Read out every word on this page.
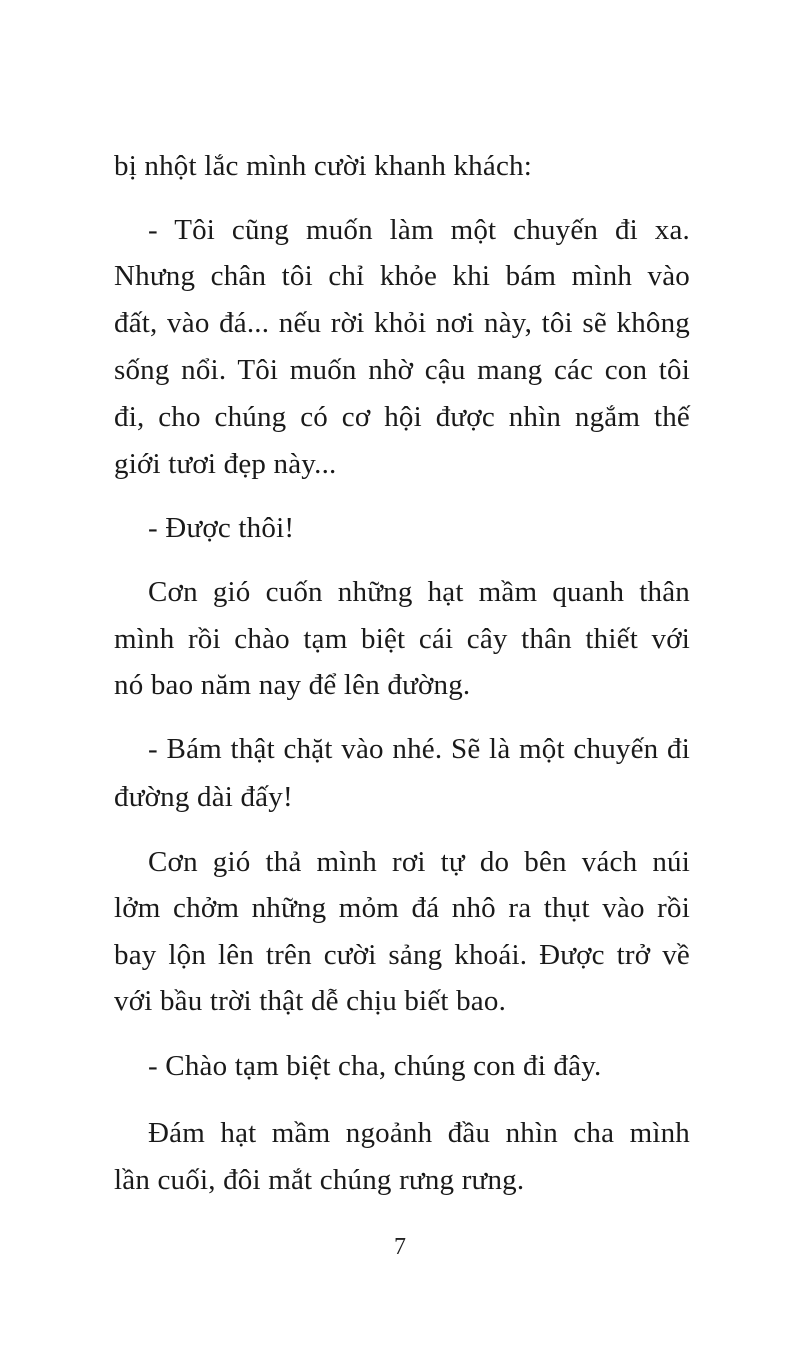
bị nhột lắc mình cười khanh khách:
- Tôi cũng muốn làm một chuyến đi xa.
Nhưng chân tôi chỉ khỏe khi bám mình vào
đất, vào đá... nếu rời khỏi nơi này, tôi sẽ không
sống nổi. Tôi muốn nhờ cậu mang các con tôi
đi, cho chúng có cơ hội được nhìn ngắm thế
giới tươi đẹp này...
- Được thôi!
Cơn gió cuốn những hạt mầm quanh thân
mình rồi chào tạm biệt cái cây thân thiết với
nó bao năm nay để lên đường.
- Bám thật chặt vào nhé. Sẽ là một chuyến đi
đường dài đấy!
Cơn gió thả mình rơi tự do bên vách núi
lởm chởm những mỏm đá nhô ra thụt vào rồi
bay lộn lên trên cười sảng khoái. Được trở về
với bầu trời thật dễ chịu biết bao.
- Chào tạm biệt cha, chúng con đi đây.
Đám hạt mầm ngoảnh đầu nhìn cha mình
lần cuối, đôi mắt chúng rưng rưng.
7
